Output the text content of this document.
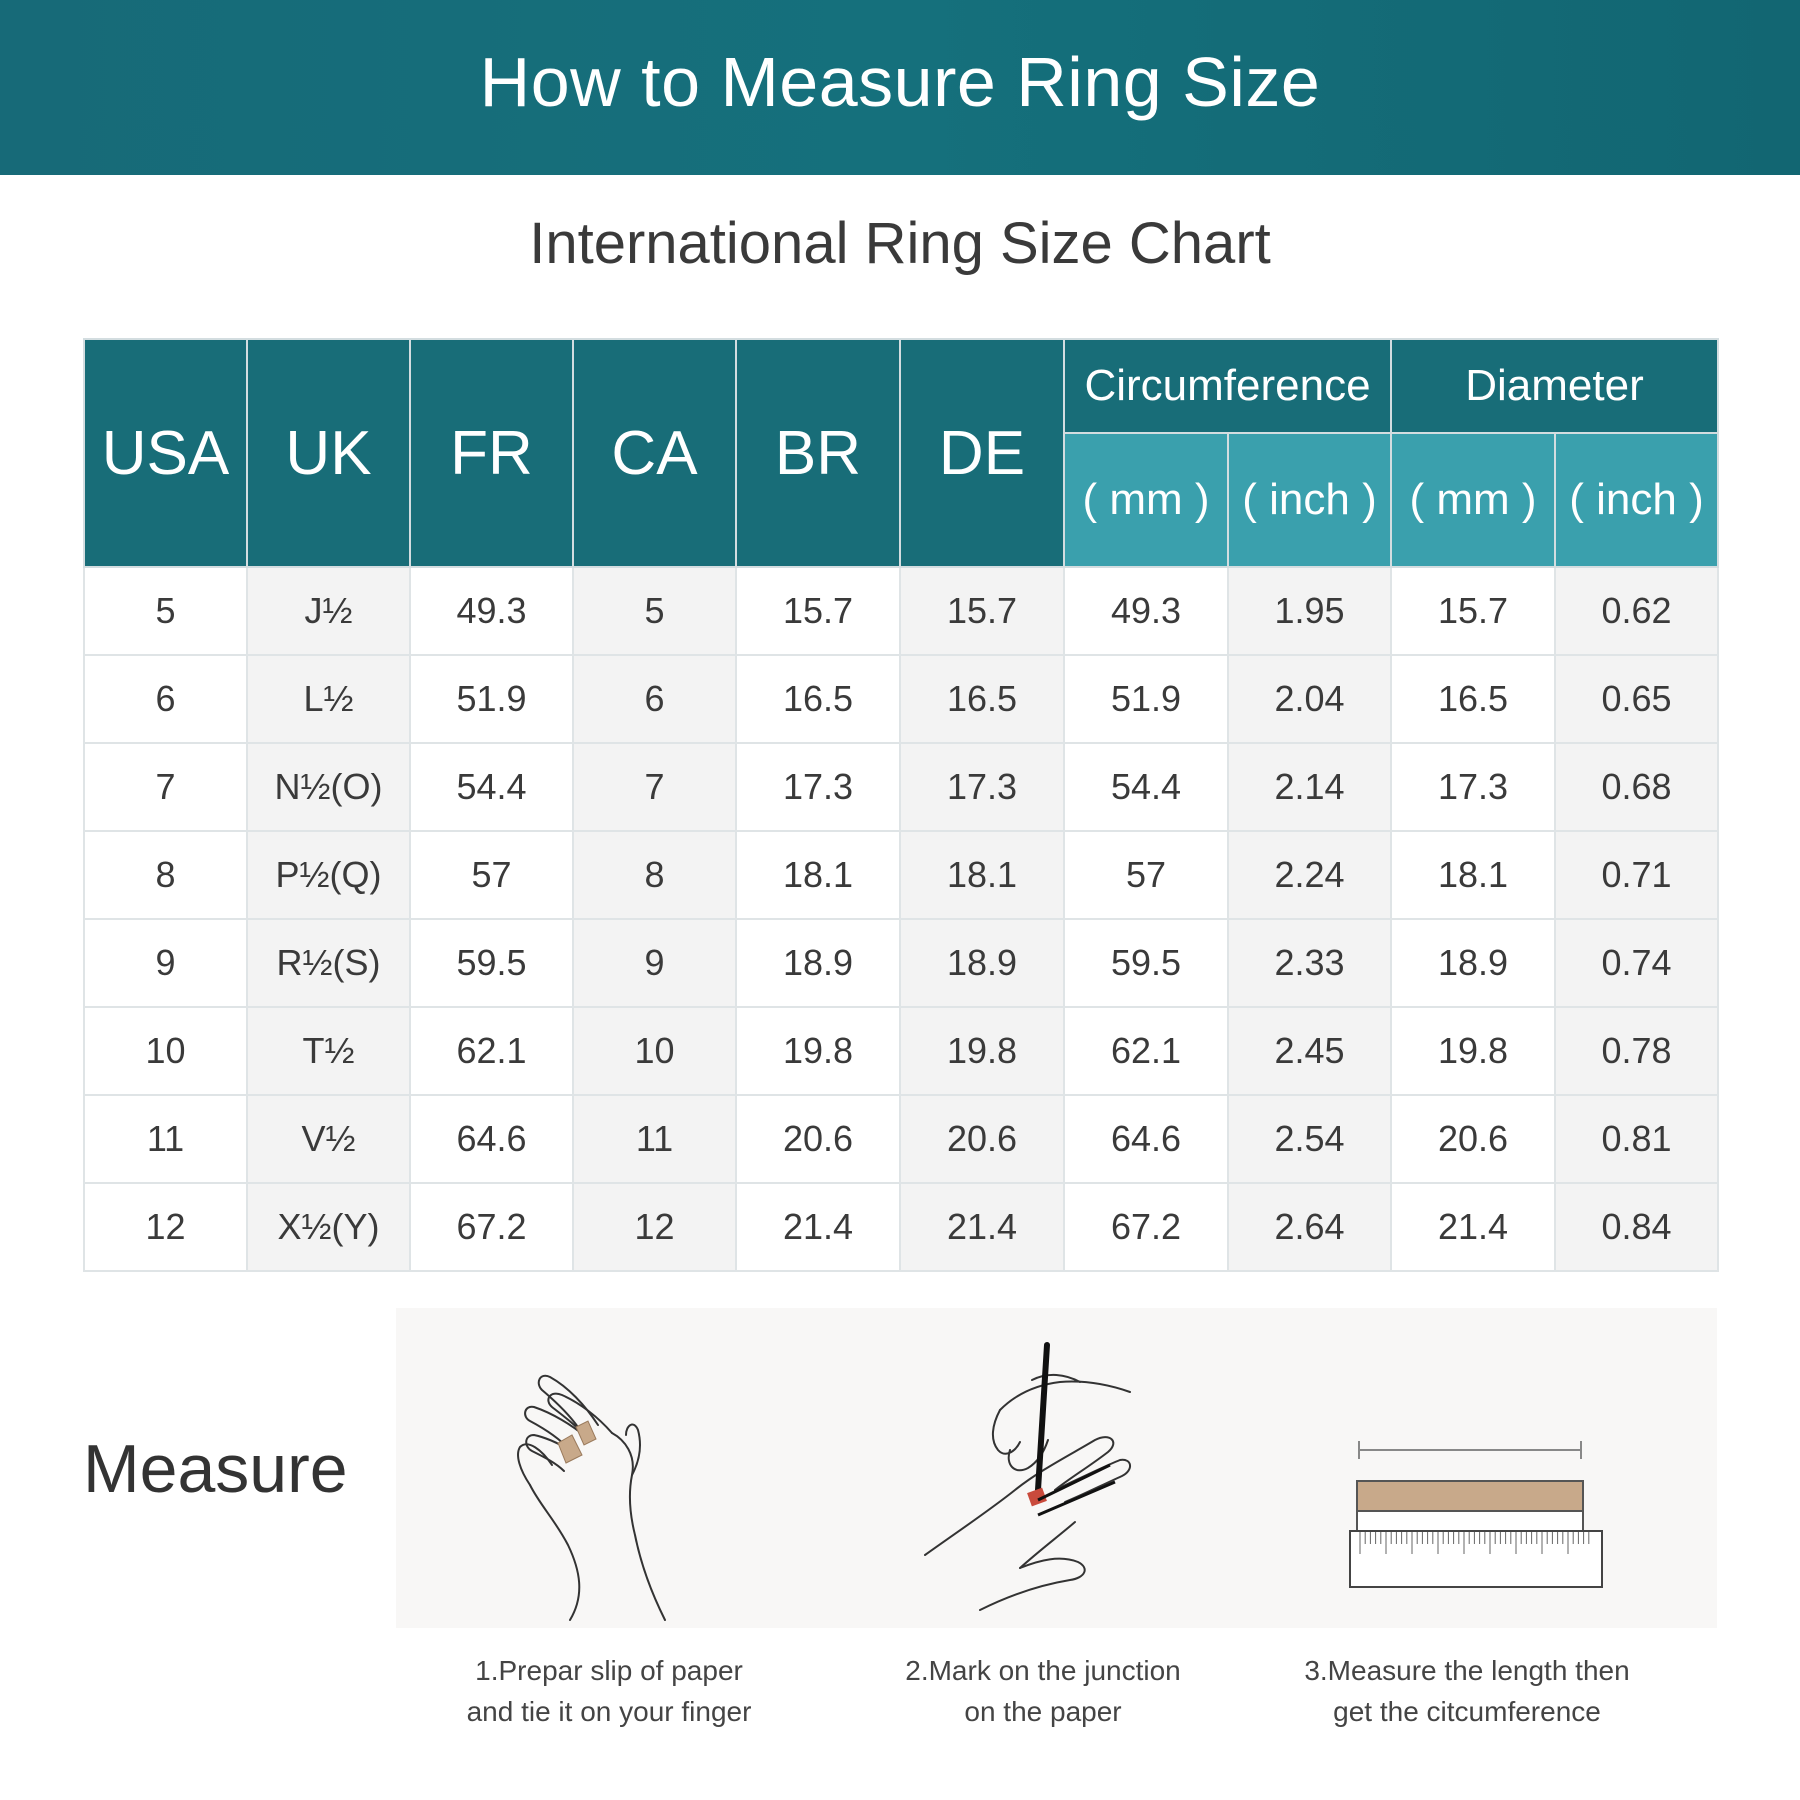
How to Measure Ring Size
International Ring Size Chart
USA	UK	FR	CA	BR	DE	Circumference		Diameter	
						( mm )	( inch )	( mm )	( inch )
5	J½	49.3	5	15.7	15.7	49.3	1.95	15.7	0.62
6	L½	51.9	6	16.5	16.5	51.9	2.04	16.5	0.65
7	N½(O)	54.4	7	17.3	17.3	54.4	2.14	17.3	0.68
8	P½(Q)	57	8	18.1	18.1	57	2.24	18.1	0.71
9	R½(S)	59.5	9	18.9	18.9	59.5	2.33	18.9	0.74
10	T½	62.1	10	19.8	19.8	62.1	2.45	19.8	0.78
11	V½	64.6	11	20.6	20.6	64.6	2.54	20.6	0.81
12	X½(Y)	67.2	12	21.4	21.4	67.2	2.64	21.4	0.84
Measure
1.Prepar slip of paper
and tie it on your finger
2.Mark on the junction
on the paper
3.Measure the length then
get the citcumference
